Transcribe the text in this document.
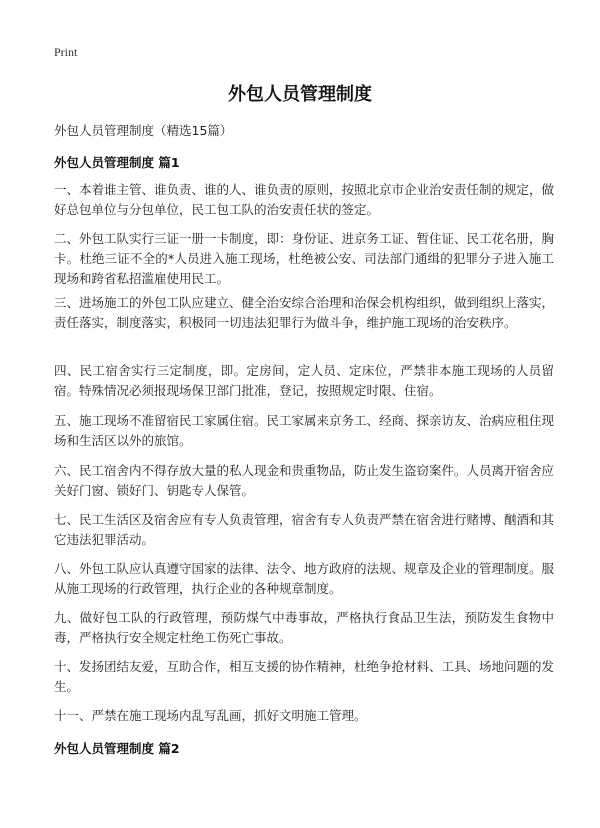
Print
外包人员管理制度
外包人员管理制度（精选15篇）
外包人员管理制度 篇1

一、本着谁主管、谁负责、谁的人、谁负责的原则，按照北京市企业治安责任制的规定，做好总包单位与分包单位，民工包工队的治安责任状的签定。

二、外包工队实行三证一册一卡制度，即：身份证、进京务工证、暂住证、民工花名册，胸卡。杜绝三证不全的*人员进入施工现场，杜绝被公安、司法部门通缉的犯罪分子进入施工现场和跨省私招滥雇使用民工。

三、进场施工的外包工队应建立、健全治安综合治理和治保会机构组织，做到组织上落实，责任落实，制度落实，积极同一切违法犯罪行为做斗争，维护施工现场的治安秩序。

四、民工宿舍实行三定制度，即。定房间，定人员、定床位，严禁非本施工现场的人员留宿。特殊情况必须报现场保卫部门批准，登记，按照规定时限、住宿。

五、施工现场不准留宿民工家属住宿。民工家属来京务工、经商、探亲访友、治病应租住现场和生活区以外的旅馆。

六、民工宿舍内不得存放大量的私人现金和贵重物品，防止发生盗窃案件。人员离开宿舍应关好门窗、锁好门、钥匙专人保管。

七、民工生活区及宿舍应有专人负责管理，宿舍有专人负责严禁在宿舍进行赌博、酗酒和其它违法犯罪活动。

八、外包工队应认真遵守国家的法律、法令、地方政府的法规、规章及企业的管理制度。服从施工现场的行政管理，执行企业的各种规章制度。

九、做好包工队的行政管理，预防煤气中毒事故，严格执行食品卫生法，预防发生食物中毒，严格执行安全规定杜绝工伤死亡事故。

十、发扬团结友爱，互助合作，相互支援的协作精神，杜绝争抢材料、工具、场地问题的发生。

十一、严禁在施工现场内乱写乱画，抓好文明施工管理。

外包人员管理制度 篇2
